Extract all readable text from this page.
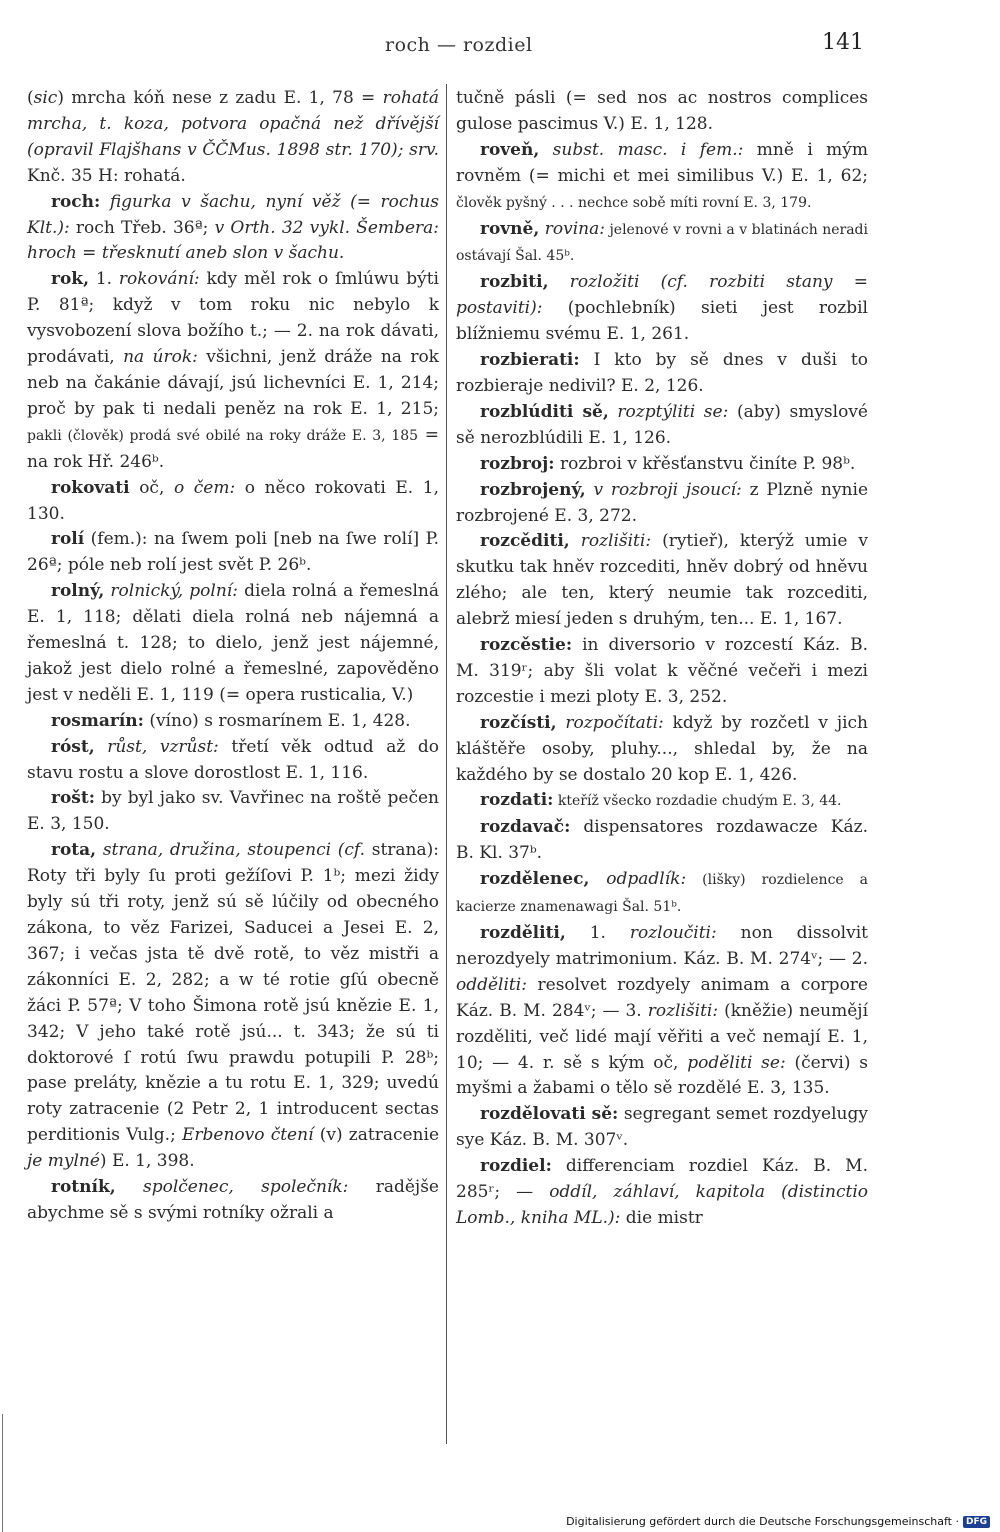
roch — rozdiel	141

(sic) mrcha kóň nese z zadu E. 1, 78 = rohatá mrcha, t. koza, potvora opačná než dřívější (opravil Flajšhans v ČČMus. 1898 str. 170); srv. Knč. 35 H: rohatá.

roch: figurka v šachu, nyní věž (= rochus Klt.): roch Třeb. 36ª; v Orth. 32 vykl. Šembera: hroch = třesknutí aneb slon v šachu.

rok, 1. rokování: kdy měl rok o ſmlúwu býti P. 81ª; když v tom roku nic nebylo k vysvobození slova božího t.; — 2. na rok dávati, prodávati, na úrok: všichni, jenž dráže na rok neb na čakánie dávají, jsú lichevníci E. 1, 214; proč by pak ti nedali peněz na rok E. 1, 215; pakli (člověk) prodá své obilé na roky dráže E. 3, 185 = na rok Hř. 246ᵇ.

rokovati oč, o čem: o něco rokovati E. 1, 130.

rolí (fem.): na ſwem poli [neb na ſwe rolí] P. 26ª; póle neb rolí jest svět P. 26ᵇ.

rolný, rolnický, polní: diela rolná a řemeslná E. 1, 118; dělati diela rolná neb nájemná a řemeslná t. 128; to dielo, jenž jest nájemné, jakož jest dielo rolné a řemeslné, zapověděno jest v neděli E. 1, 119 (= opera rusticalia, V.)

rosmarín: (víno) s rosmarínem E. 1, 428.

róst, růst, vzrůst: třetí věk odtud až do stavu rostu a slove dorostlost E. 1, 116.

rošt: by byl jako sv. Vavřinec na roště pečen E. 3, 150.

rota, strana, družina, stoupenci (cf. strana): Roty tři byly ſu proti gežíſovi P. 1ᵇ; mezi židy byly sú tři roty, jenž sú sě lúčily od obecného zákona, to věz Farizei, Saducei a Jesei E. 2, 367; i večas jsta tě dvě rotě, to věz mistři a zákonníci E. 2, 282; a w té rotie gſú obecně žáci P. 57ª; V toho Šimona rotě jsú knězie E. 1, 342; V jeho také rotě jsú... t. 343; že sú ti doktorové ſ rotú ſwu prawdu potupili P. 28ᵇ; pase preláty, knězie a tu rotu E. 1, 329; uvedú roty zatracenie (2 Petr 2, 1 introducent sectas perditionis Vulg.; Erbenovo čtení (v) zatracenie je mylné) E. 1, 398.

rotník, spolčenec, společník: radějše abychme sě s svými rotníky ožrali a

tučně pásli (= sed nos ac nostros complices gulose pascimus V.) E. 1, 128.

roveň, subst. masc. i fem.: mně i mým rovněm (= michi et mei similibus V.) E. 1, 62; člověk pyšný . . . nechce sobě míti rovní E. 3, 179.

rovně, rovina: jelenové v rovni a v blatinách neradi ostávají Šal. 45ᵇ.

rozbiti, rozložiti (cf. rozbiti stany = postaviti): (pochlebník) sieti jest rozbil blížniemu svému E. 1, 261.

rozbierati: I kto by sě dnes v duši to rozbieraje nedivil? E. 2, 126.

rozblúditi sě, rozptýliti se: (aby) smyslové sě nerozblúdili E. 1, 126.

rozbroj: rozbroi v křěsťanstvu činíte P. 98ᵇ.

rozbrojený, v rozbroji jsoucí: z Plzně nynie rozbrojené E. 3, 272.

rozcěditi, rozlišiti: (rytieř), kterýž umie v skutku tak hněv rozcediti, hněv dobrý od hněvu zlého; ale ten, který neumie tak rozcediti, alebrž miesí jeden s druhým, ten... E. 1, 167.

rozcěstie: in diversorio v rozcestí Káz. B. M. 319ʳ; aby šli volat k věčné večeři i mezi rozcestie i mezi ploty E. 3, 252.

rozčísti, rozpočítati: když by rozčetl v jich kláštěře osoby, pluhy..., shledal by, že na každého by se dostalo 20 kop E. 1, 426.

rozdati: kteříž všecko rozdadie chudým E. 3, 44.

rozdavač: dispensatores rozdawacze Káz. B. Kl. 37ᵇ.

rozdělenec, odpadlík: (lišky) rozdielence a kacierze znamenawagi Šal. 51ᵇ.

rozděliti, 1. rozloučiti: non dissolvit nerozdyely matrimonium. Káz. B. M. 274ᵛ; — 2. odděliti: resolvet rozdyely animam a corpore Káz. B. M. 284ᵛ; — 3. rozlišiti: (kněžie) neumějí rozděliti, več lidé mají věřiti a več nemají E. 1, 10; — 4. r. sě s kým oč, poděliti se: (červi) s myšmi a žabami o tělo sě rozdělé E. 3, 135.

rozdělovati sě: segregant semet rozdyelugy sye Káz. B. M. 307ᵛ.

rozdiel: differenciam rozdiel Káz. B. M. 285ʳ; — oddíl, záhlaví, kapitola (distinctio Lomb., kniha ML.): die mistr

Digitalisierung gefördert durch die Deutsche Forschungsgemeinschaft · DFG
